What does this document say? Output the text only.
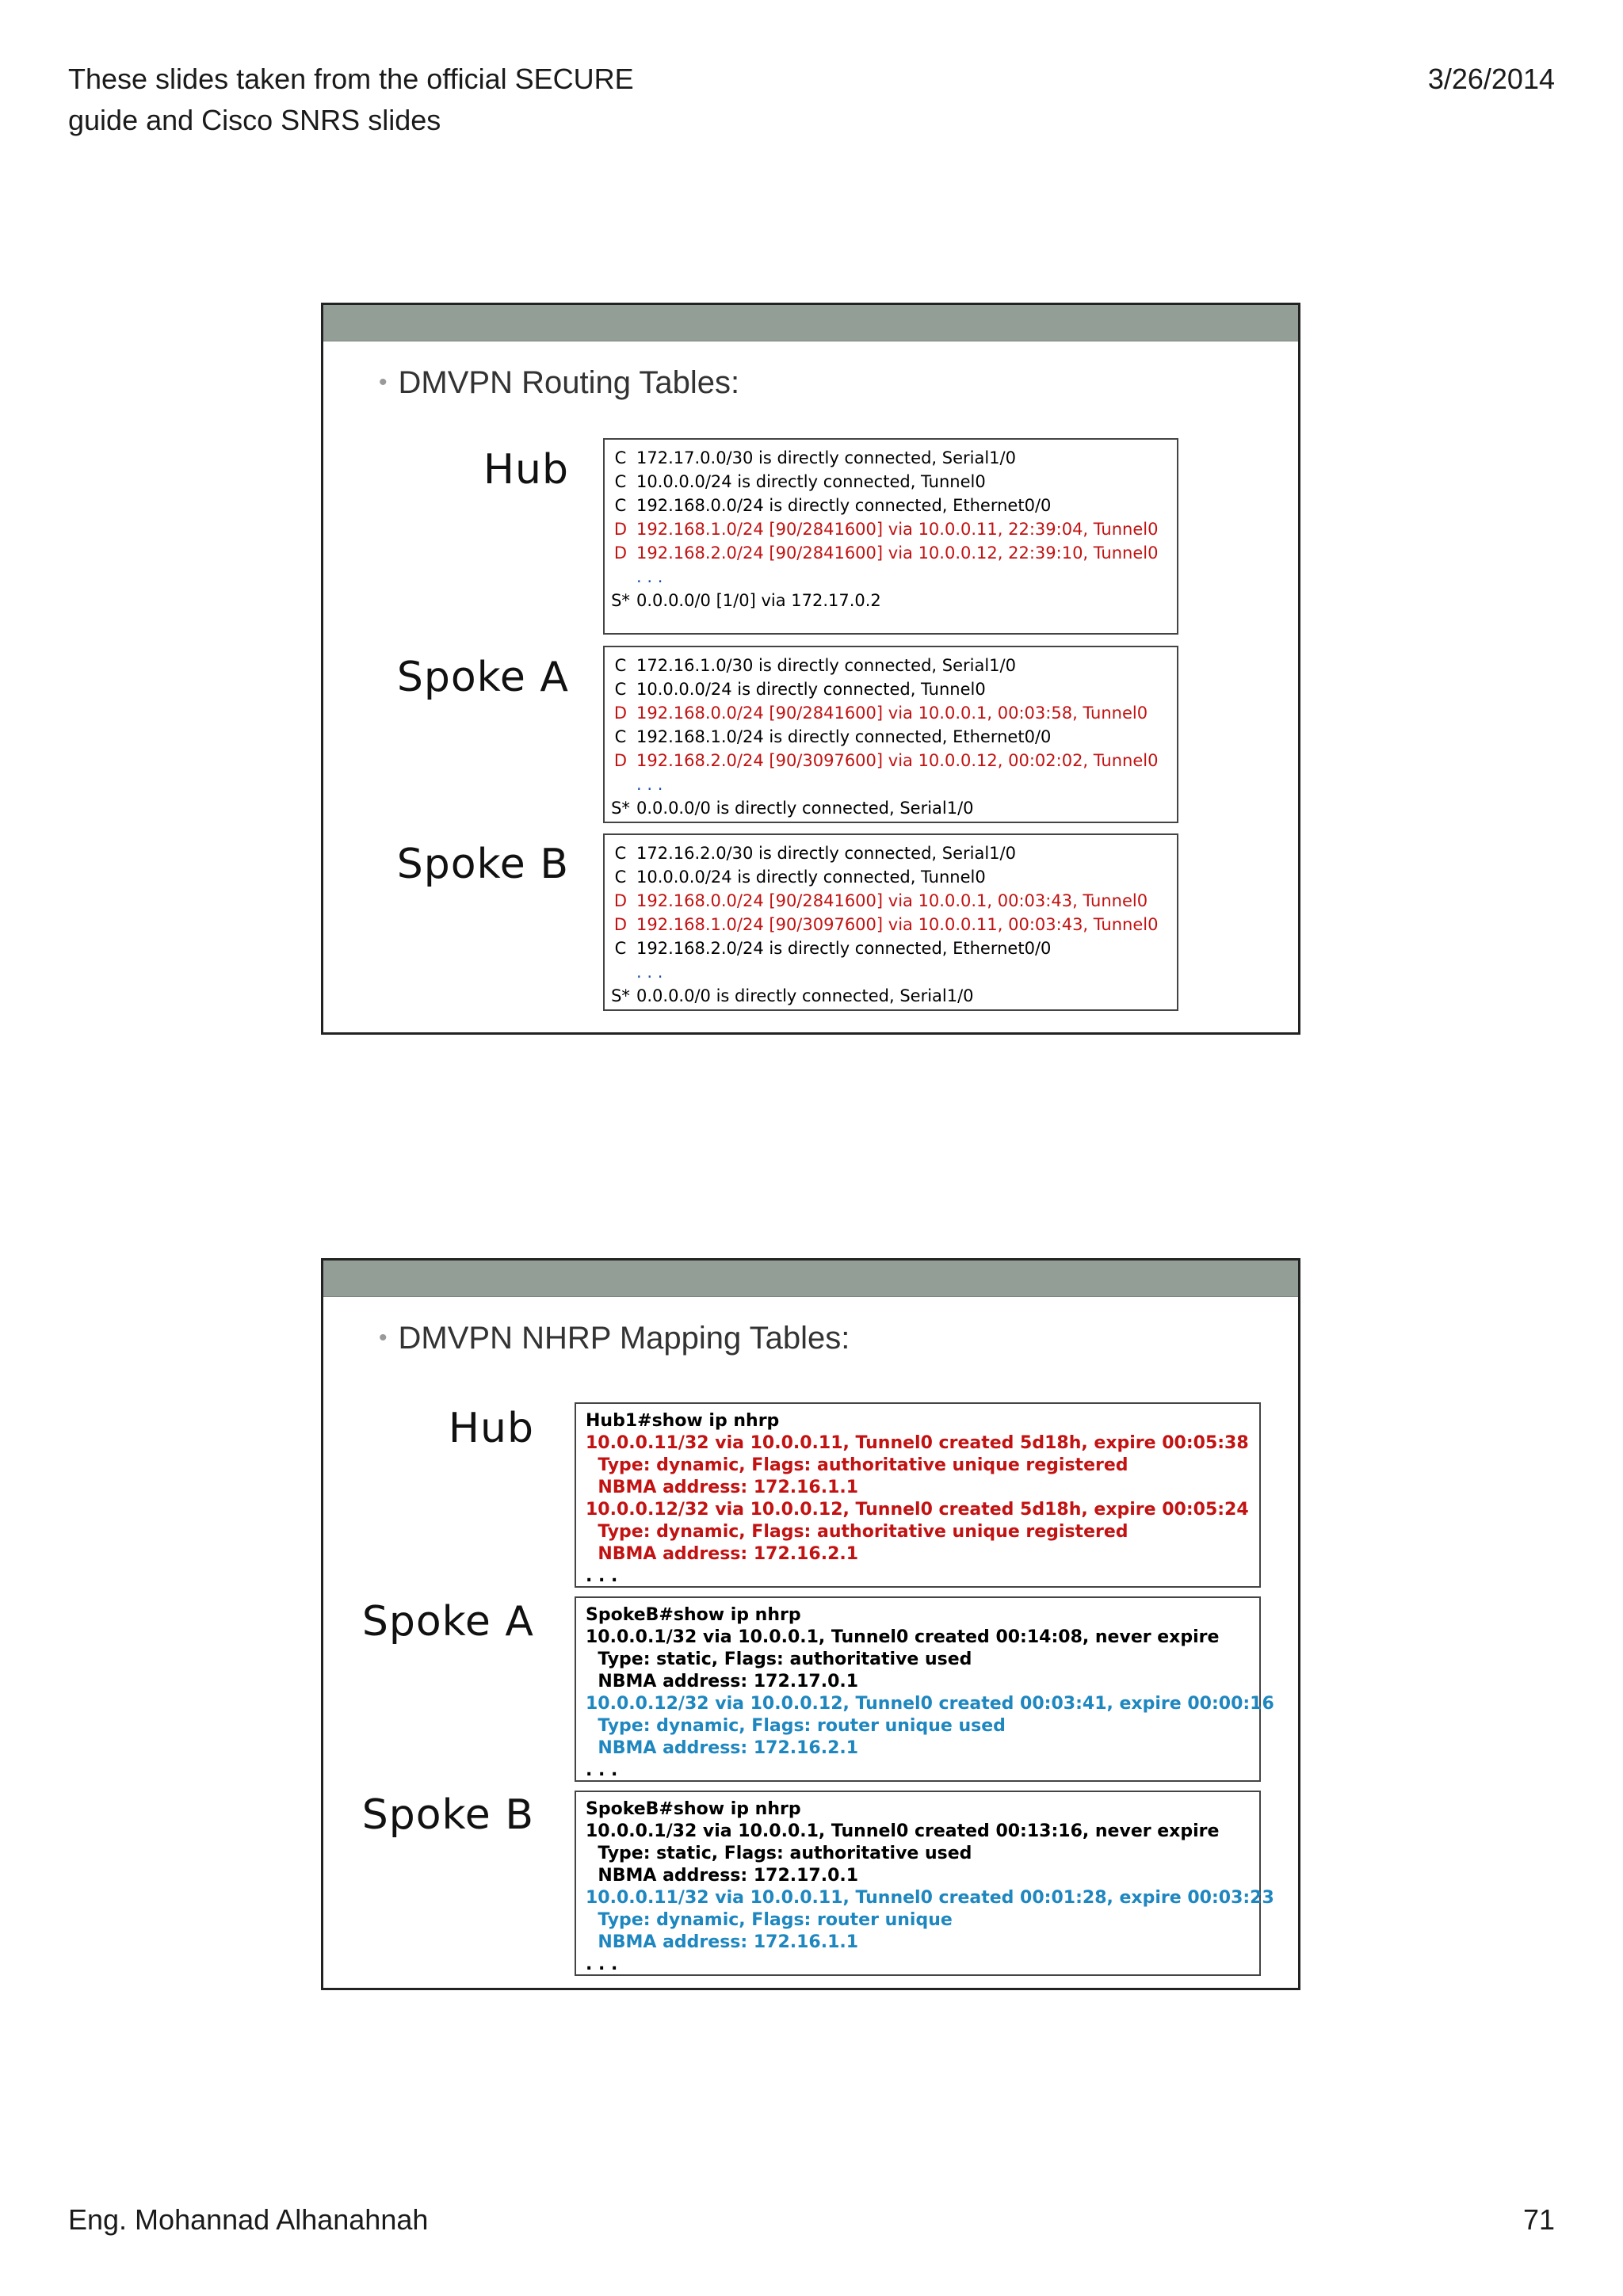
These slides taken from the official SECURE
guide and Cisco SNRS slides
3/26/2014
• DMVPN Routing Tables:
Hub	C 172.17.0.0/30 is directly connected, Serial1/0
C 10.0.0.0/24 is directly connected, Tunnel0
C 192.168.0.0/24 is directly connected, Ethernet0/0
D 192.168.1.0/24 [90/2841600] via 10.0.0.11, 22:39:04, Tunnel0
D 192.168.2.0/24 [90/2841600] via 10.0.0.12, 22:39:10, Tunnel0
. . .
S* 0.0.0.0/0 [1/0] via 172.17.0.2
Spoke A	C 172.16.1.0/30 is directly connected, Serial1/0
C 10.0.0.0/24 is directly connected, Tunnel0
D 192.168.0.0/24 [90/2841600] via 10.0.0.1, 00:03:58, Tunnel0
C 192.168.1.0/24 is directly connected, Ethernet0/0
D 192.168.2.0/24 [90/3097600] via 10.0.0.12, 00:02:02, Tunnel0
. . .
S* 0.0.0.0/0 is directly connected, Serial1/0
Spoke B	C 172.16.2.0/30 is directly connected, Serial1/0
C 10.0.0.0/24 is directly connected, Tunnel0
D 192.168.0.0/24 [90/2841600] via 10.0.0.1, 00:03:43, Tunnel0
D 192.168.1.0/24 [90/3097600] via 10.0.0.11, 00:03:43, Tunnel0
C 192.168.2.0/24 is directly connected, Ethernet0/0
. . .
S* 0.0.0.0/0 is directly connected, Serial1/0
• DMVPN NHRP Mapping Tables:
Hub	Hub1#show ip nhrp
10.0.0.11/32 via 10.0.0.11, Tunnel0 created 5d18h, expire 00:05:38
Type: dynamic, Flags: authoritative unique registered
NBMA address: 172.16.1.1
10.0.0.12/32 via 10.0.0.12, Tunnel0 created 5d18h, expire 00:05:24
Type: dynamic, Flags: authoritative unique registered
NBMA address: 172.16.2.1
. . .
Spoke A	SpokeB#show ip nhrp
10.0.0.1/32 via 10.0.0.1, Tunnel0 created 00:14:08, never expire
Type: static, Flags: authoritative used
NBMA address: 172.17.0.1
10.0.0.12/32 via 10.0.0.12, Tunnel0 created 00:03:41, expire 00:00:16
Type: dynamic, Flags: router unique used
NBMA address: 172.16.2.1
. . .
Spoke B	SpokeB#show ip nhrp
10.0.0.1/32 via 10.0.0.1, Tunnel0 created 00:13:16, never expire
Type: static, Flags: authoritative used
NBMA address: 172.17.0.1
10.0.0.11/32 via 10.0.0.11, Tunnel0 created 00:01:28, expire 00:03:23
Type: dynamic, Flags: router unique
NBMA address: 172.16.1.1
. . .
Eng. Mohannad Alhanahnah	71
